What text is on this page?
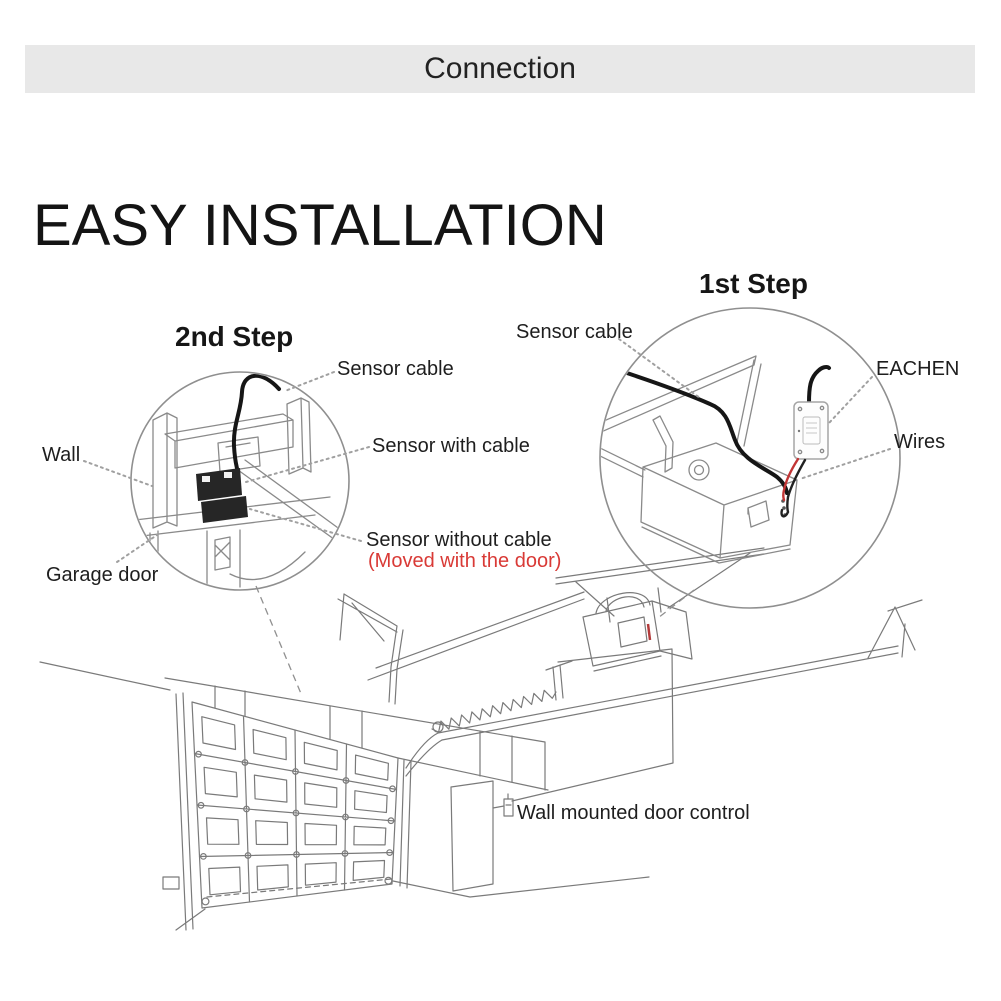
Connection
EASY INSTALLATION
1st Step
2nd Step
Sensor cable
Sensor with cable
Wall
Sensor without cable
(Moved with the door)
Garage door
Sensor cable
EACHEN
Wires
Wall mounted door control
